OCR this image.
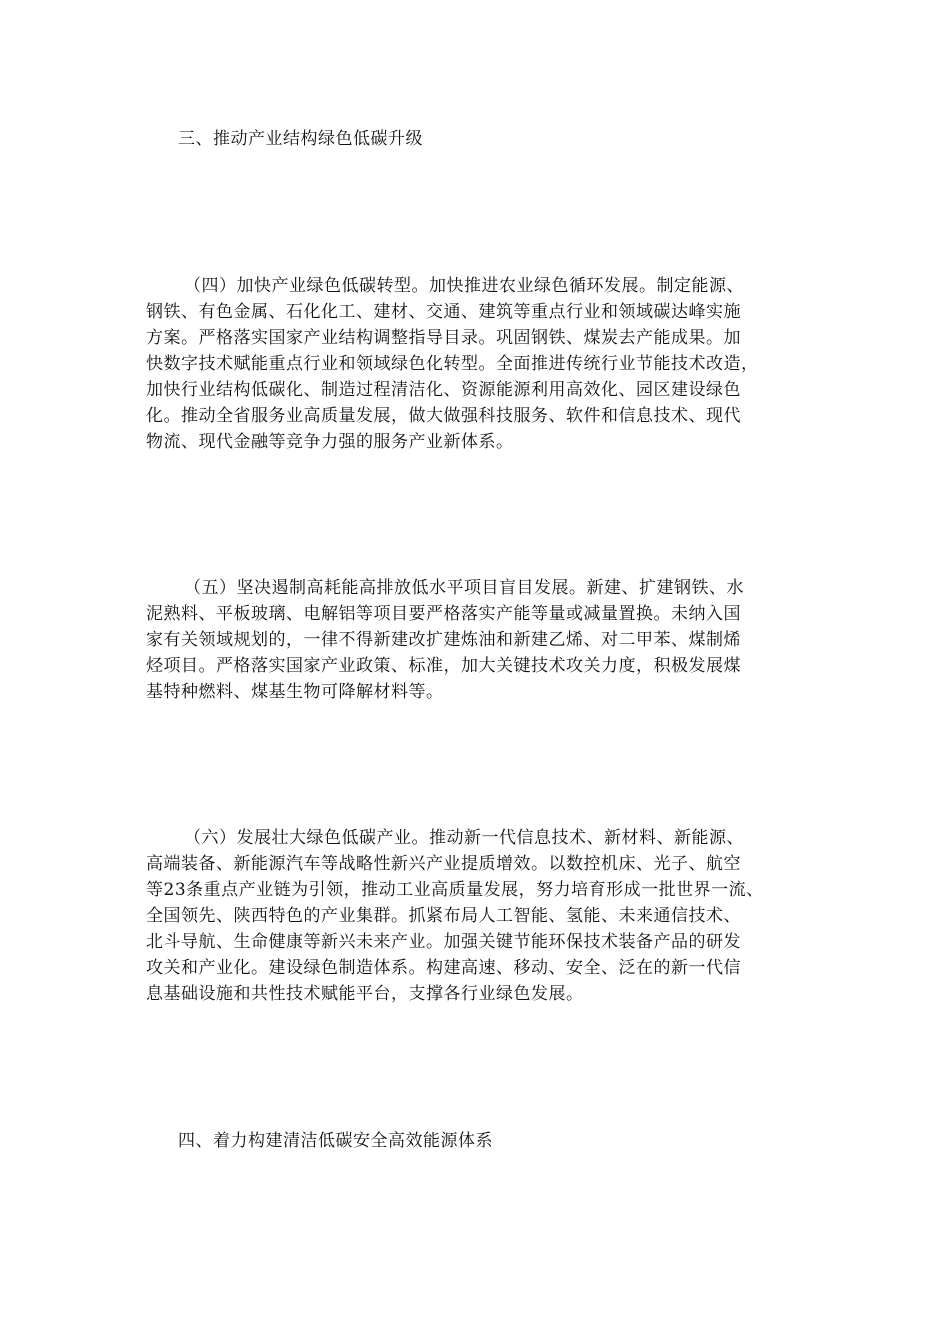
三、推动产业结构绿色低碳升级
（四）加快产业绿色低碳转型。加快推进农业绿色循环发展。制定能源、
钢铁、有色金属、石化化工、建材、交通、建筑等重点行业和领域碳达峰实施
方案。严格落实国家产业结构调整指导目录。巩固钢铁、煤炭去产能成果。加
快数字技术赋能重点行业和领域绿色化转型。全面推进传统行业节能技术改造，
加快行业结构低碳化、制造过程清洁化、资源能源利用高效化、园区建设绿色
化。推动全省服务业高质量发展，做大做强科技服务、软件和信息技术、现代
物流、现代金融等竞争力强的服务产业新体系。
（五）坚决遏制高耗能高排放低水平项目盲目发展。新建、扩建钢铁、水
泥熟料、平板玻璃、电解铝等项目要严格落实产能等量或减量置换。未纳入国
家有关领域规划的，一律不得新建改扩建炼油和新建乙烯、对二甲苯、煤制烯
烃项目。严格落实国家产业政策、标准，加大关键技术攻关力度，积极发展煤
基特种燃料、煤基生物可降解材料等。
（六）发展壮大绿色低碳产业。推动新一代信息技术、新材料、新能源、
高端装备、新能源汽车等战略性新兴产业提质增效。以数控机床、光子、航空
等23条重点产业链为引领，推动工业高质量发展，努力培育形成一批世界一流、
全国领先、陕西特色的产业集群。抓紧布局人工智能、氢能、未来通信技术、
北斗导航、生命健康等新兴未来产业。加强关键节能环保技术装备产品的研发
攻关和产业化。建设绿色制造体系。构建高速、移动、安全、泛在的新一代信
息基础设施和共性技术赋能平台，支撑各行业绿色发展。
四、着力构建清洁低碳安全高效能源体系
